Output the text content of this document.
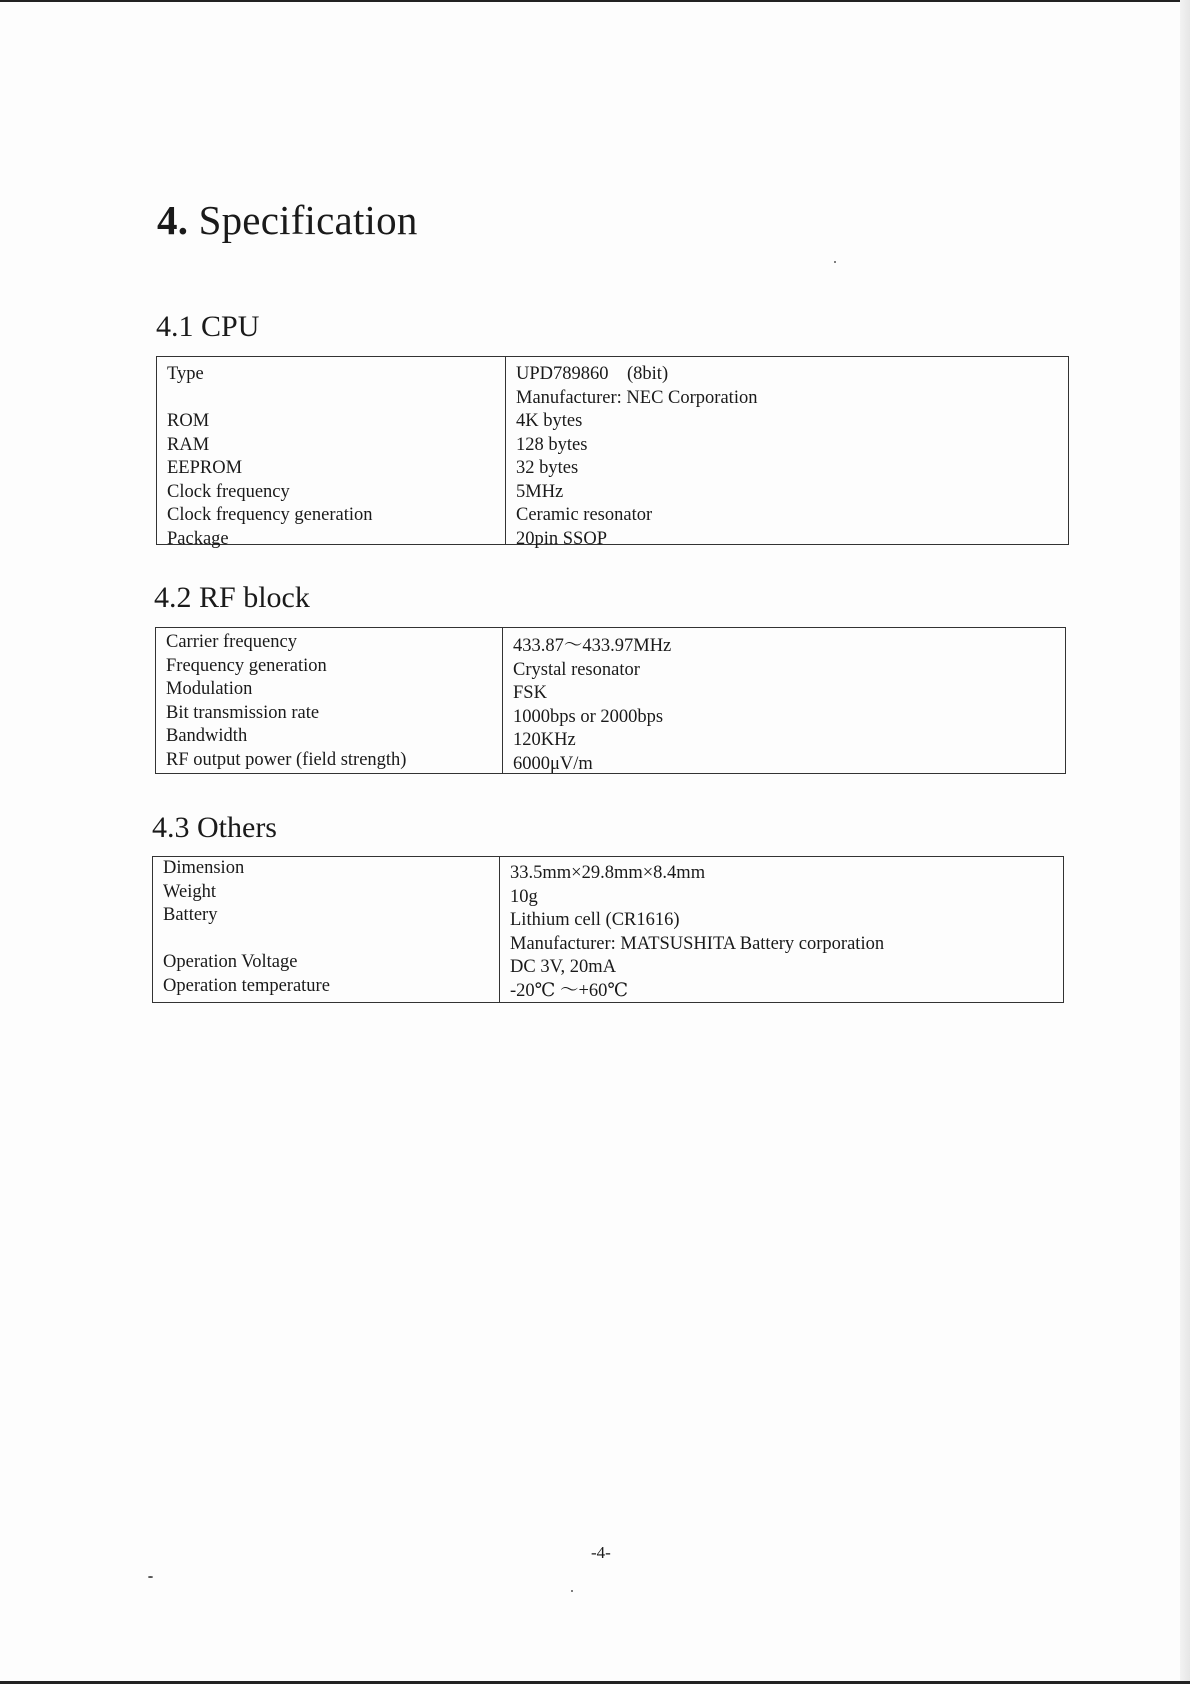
4. Specification
4.1 CPU
Type
ROM
RAM
EEPROM
Clock frequency
Clock frequency generation
Package
UPD789860　(8bit)
Manufacturer: NEC Corporation
4K bytes
128 bytes
32 bytes
5MHz
Ceramic resonator
20pin SSOP
4.2 RF block
Carrier frequency
Frequency generation
Modulation
Bit transmission rate
Bandwidth
RF output power (field strength)
433.87～433.97MHz
Crystal resonator
FSK
1000bps or 2000bps
120KHz
6000μV/m
4.3 Others
Dimension
Weight
Battery
Operation Voltage
Operation temperature
33.5mm×29.8mm×8.4mm
10g
Lithium cell (CR1616)
Manufacturer: MATSUSHITA Battery corporation
DC 3V, 20mA
-20℃ ～+60℃
-4-
